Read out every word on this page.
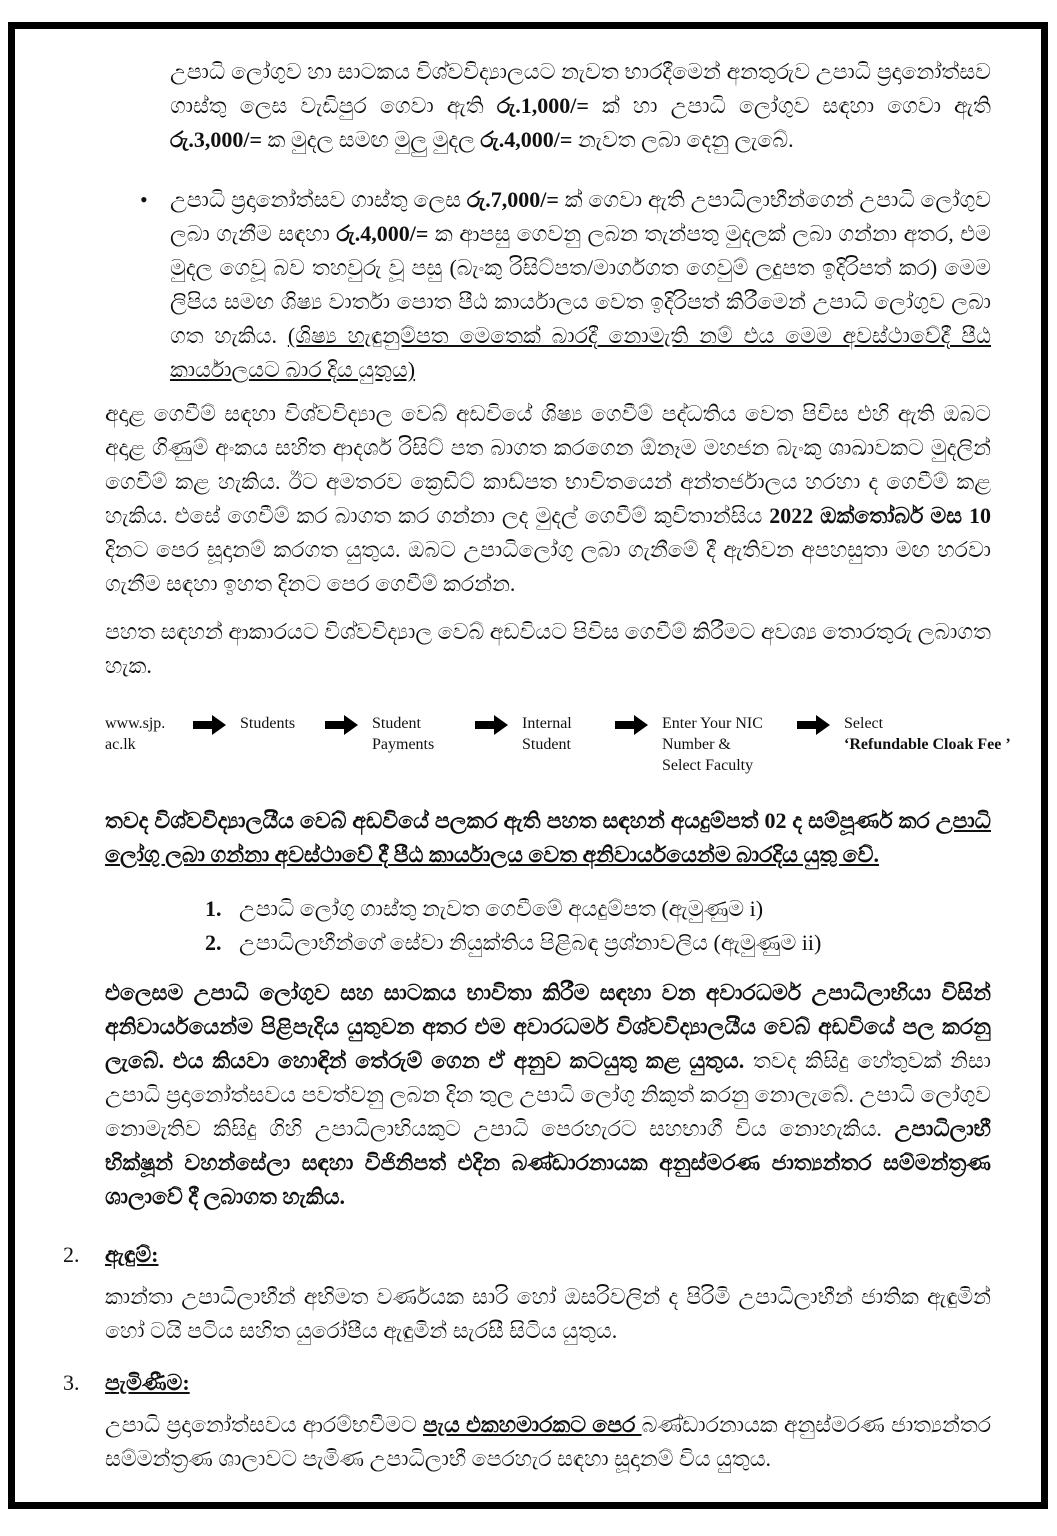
උපාධි ලෝගුව හා සාටකය විශ්වවිද්‍යාලයට නැවත භාරදීමෙන් අනතුරුව උපාධි ප්‍රදානෝත්සව ගාස්තු ලෙස වැඩිපුර ගෙවා ඇති රු.1,000/= ක් හා උපාධි ලෝගුව සඳහා ගෙවා ඇති රු.3,000/= ක මුදල සමඟ මුලු මුදල රු.4,000/= නැවත ලබා දෙනු ලැබේ.

•	උපාධි ප්‍රදානෝත්සව ගාස්තු ලෙස රු.7,000/= ක් ගෙවා ඇති උපාධිලාභීන්ගෙන් උපාධි ලෝගුව ලබා ගැනීම සඳහා රු.4,000/= ක ආපසු ගෙවනු ලබන තැන්පතු මුදලක් ලබා ගන්නා අතර, එම මුදල ගෙවූ බව තහවුරු වූ පසු (බැංකු රිසිට්පත/මාර්ගගත ගෙවුම් ලදුපත ඉදිරිපත් කර) මෙම ලිපිය සමඟ ශිෂ්‍ය වාර්තා පොත පීඨ කාර්යාලය වෙත ඉදිරිපත් කිරීමෙන් උපාධි ලෝගුව ලබා ගත හැකිය. (ශිෂ්‍ය හැඳුනුම්පත මෙතෙක් බාරදී නොමැති නම් එය මෙම අවස්ථාවේදී පීඨ කාර්යාලයට බාර දිය යුතුය)

අදාළ ගෙවීම් සඳහා විශ්වවිද්‍යාල වෙබ් අඩවියේ ශිෂ්‍ය ගෙවීම් පද්ධතිය වෙත පිවිස එහි ඇති ඔබට අදාළ ගිණුම් අංකය සහිත ආදර්ශ රිසිට් පත බාගත කරගෙන ඕනෑම මහජන බැංකු ශාඛාවකට මුදලින් ගෙවීම් කළ හැකිය. ඊට අමතරව ක්‍රෙඩිට් කාඩ්පත භාවිතයෙන් අන්තර්ජාලය හරහා ද ගෙවීම් කළ හැකිය. එසේ ගෙවීම් කර බාගත කර ගන්නා ලද මුදල් ගෙවීම් කුවිතාන්සිය 2022 ඔක්තෝබර් මස 10 දිනට පෙර සූදානම් කරගත යුතුය. ඔබට උපාධිලෝගු ලබා ගැනීමේ දී ඇතිවන අපහසුතා මඟ හරවා ගැනීම සඳහා ඉහත දිනට පෙර ගෙවීම් කරන්න.

පහත සඳහන් ආකාරයට විශ්වවිද්‍යාල වෙබ් අඩවියට පිවිස ගෙවීම් කිරීමට අවශ්‍ය තොරතුරු ලබාගත හැක.

www.sjp.
ac.lk
Students	Student
Payments
Internal
Student
Enter Your NIC
Number &
Select Faculty
Select
‘Refundable Cloak Fee ’

තවද විශ්වවිද්‍යාලයීය වෙබ් අඩවියේ පලකර ඇති පහත සඳහන් අයදුම්පත් 02 ද සම්පූර්ණ කර උපාධි ලෝගු ලබා ගන්නා අවස්ථාවේ දී පීඨ කාර්යාලය වෙත අනිවාර්යයෙන්ම බාරදිය යුතු වේ.

1. උපාධි ලෝගු ගාස්තු නැවත ගෙවීමේ අයදුම්පත (ඇමුණුම i)
2. උපාධිලාභීන්ගේ සේවා නියුක්තිය පිළිබඳ ප්‍රශ්නාවලිය (ඇමුණුම ii)

එලෙසම උපාධි ලෝගුව සහ සාටකය භාවිතා කිරීම සඳහා වන අවාරධර්ම උපාධිලාභියා විසින් අනිවාර්යයෙන්ම පිළිපැදිය යුතුවන අතර එම අවාරධර්ම විශ්වවිද්‍යාලයීය වෙබ් අඩවියේ පල කරනු ලැබේ. එය කියවා හොඳින් තේරුම් ගෙන ඒ අනුව කටයුතු කළ යුතුය. තවද කිසිදු හේතුවක් නිසා උපාධි ප්‍රදානෝත්සවය පවත්වනු ලබන දින තුල උපාධි ලෝගු නිකුත් කරනු නොලැබේ. උපාධි ලෝගුව නොමැතිව කිසිදු ගිහි උපාධිලාභියකුට උපාධි පෙරහැරට සහභාගී විය නොහැකිය. උපාධිලාභී භික්ෂූන් වහන්සේලා සඳහා විජිනිපත් එදින බණ්ඩාරනායක අනුස්මරණ ජාත්‍යන්තර සම්මන්ත්‍රණ ශාලාවේ දී ලබාගත හැකිය.

2.	ඇඳුම්:

කාන්තා උපාධිලාභීන් අභිමත වර්ණයක සාරි හෝ ඔසරිවලින් ද පිරිමි උපාධිලාභීන් ජාතික ඇඳුමින් හෝ ටයි පටිය සහිත යුරෝපීය ඇඳුමින් සැරසී සිටිය යුතුය.

3.	පැමිණීම:

උපාධි ප්‍රදානෝත්සවය ආරම්භවීමට පැය එකහමාරකට පෙර බණ්ඩාරනායක අනුස්මරණ ජාත්‍යන්තර සම්මන්ත්‍රණ ශාලාවට පැමිණ උපාධිලාභී පෙරහැර සඳහා සූදානම් විය යුතුය.
